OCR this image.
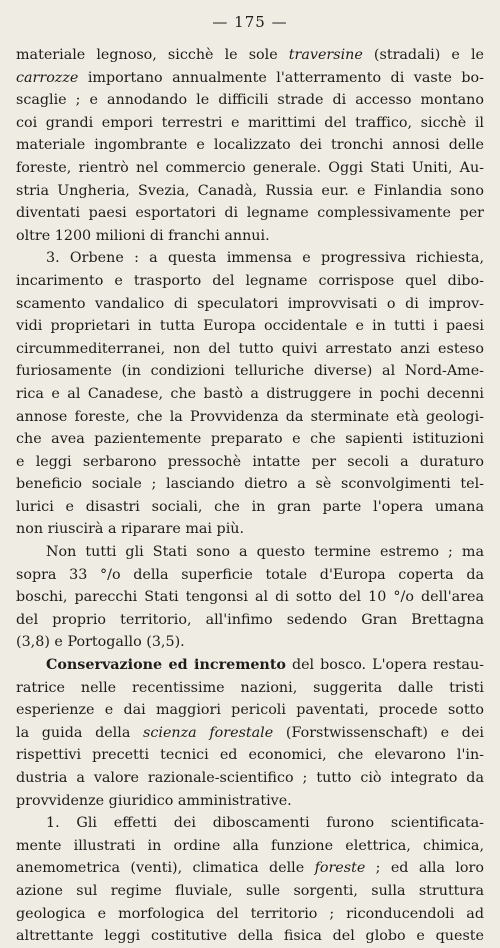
— 175 —
materiale legnoso, sicchè le sole traversine (stradali) e le
carrozze importano annualmente l'atterramento di vaste bo-
scaglie ; e annodando le difficili strade di accesso montano
coi grandi empori terrestri e marittimi del traffico, sicchè il
materiale ingombrante e localizzato dei tronchi annosi delle
foreste, rientrò nel commercio generale. Oggi Stati Uniti, Au-
stria Ungheria, Svezia, Canadà, Russia eur. e Finlandia sono
diventati paesi esportatori di legname complessivamente per
oltre 1200 milioni di franchi annui.
3. Orbene : a questa immensa e progressiva richiesta,
incarimento e trasporto del legname corrispose quel dibo-
scamento vandalico di speculatori improvvisati o di improv-
vidi proprietari in tutta Europa occidentale e in tutti i paesi
circummediterranei, non del tutto quivi arrestato anzi esteso
furiosamente (in condizioni telluriche diverse) al Nord-Ame-
rica e al Canadese, che bastò a distruggere in pochi decenni
annose foreste, che la Provvidenza da sterminate età geologi-
che avea pazientemente preparato e che sapienti istituzioni
e leggi serbarono pressochè intatte per secoli a duraturo
beneficio sociale ; lasciando dietro a sè sconvolgimenti tel-
lurici e disastri sociali, che in gran parte l'opera umana
non riuscirà a riparare mai più.
Non tutti gli Stati sono a questo termine estremo ; ma
sopra 33 °/o della superficie totale d'Europa coperta da
boschi, parecchi Stati tengonsi al di sotto del 10 °/o dell'area
del proprio territorio, all'infimo sedendo Gran Brettagna
(3,8) e Portogallo (3,5).
Conservazione ed incremento del bosco. L'opera restau-
ratrice nelle recentissime nazioni, suggerita dalle tristi
esperienze e dai maggiori pericoli paventati, procede sotto
la guida della scienza forestale (Forstwissenschaft) e dei
rispettivi precetti tecnici ed economici, che elevarono l'in-
dustria a valore razionale-scientifico ; tutto ciò integrato da
provvidenze giuridico amministrative.
1. Gli effetti dei diboscamenti furono scientificata-
mente illustrati in ordine alla funzione elettrica, chimica,
anemometrica (venti), climatica delle foreste ; ed alla loro
azione sul regime fluviale, sulle sorgenti, sulla struttura
geologica e morfologica del territorio ; riconducendoli ad
altrettante leggi costitutive della fisica del globo e queste
